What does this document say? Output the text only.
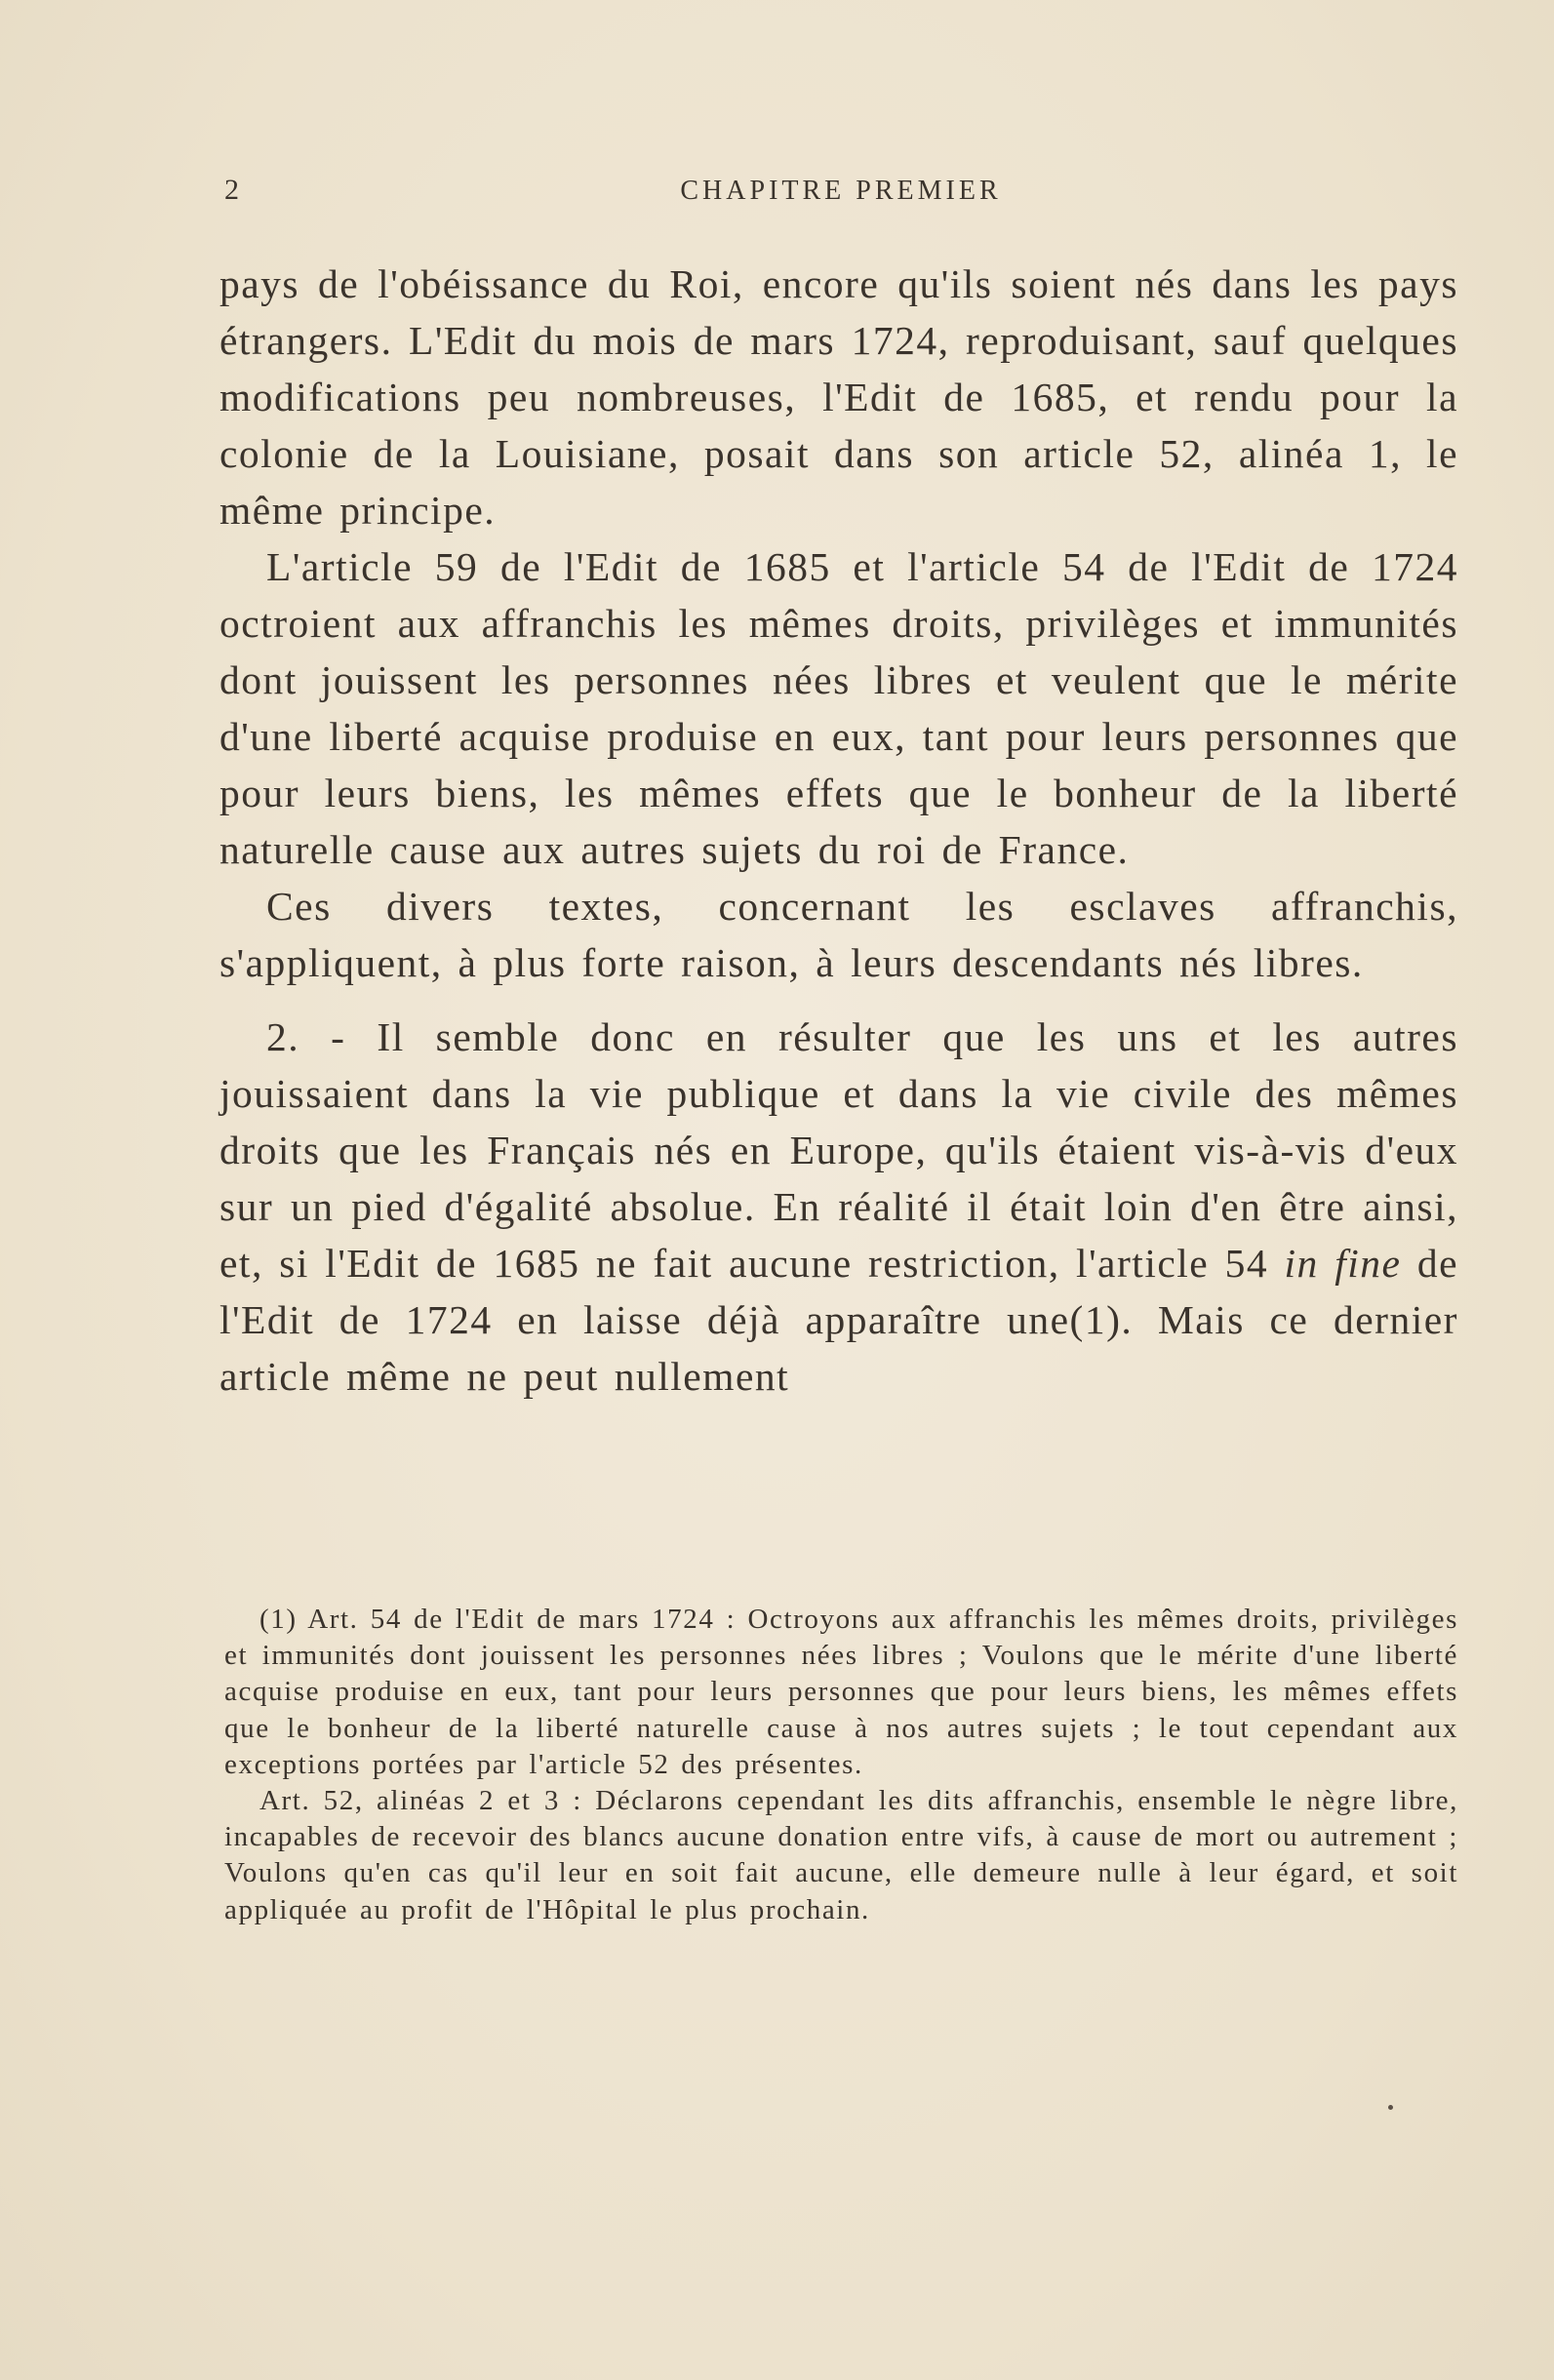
2	CHAPITRE PREMIER

pays de l'obéissance du Roi, encore qu'ils soient nés dans les pays étrangers. L'Edit du mois de mars 1724, reproduisant, sauf quelques modifications peu nombreuses, l'Edit de 1685, et rendu pour la colonie de la Louisiane, posait dans son article 52, alinéa 1, le même principe.

L'article 59 de l'Edit de 1685 et l'article 54 de l'Edit de 1724 octroient aux affranchis les mêmes droits, privilèges et immunités dont jouissent les personnes nées libres et veulent que le mérite d'une liberté acquise produise en eux, tant pour leurs personnes que pour leurs biens, les mêmes effets que le bonheur de la liberté naturelle cause aux autres sujets du roi de France.

Ces divers textes, concernant les esclaves affranchis, s'appliquent, à plus forte raison, à leurs descendants nés libres.

2. - Il semble donc en résulter que les uns et les autres jouissaient dans la vie publique et dans la vie civile des mêmes droits que les Français nés en Europe, qu'ils étaient vis-à-vis d'eux sur un pied d'égalité absolue. En réalité il était loin d'en être ainsi, et, si l'Edit de 1685 ne fait aucune restriction, l'article 54 in fine de l'Edit de 1724 en laisse déjà apparaître une(1). Mais ce dernier article même ne peut nullement

(1) Art. 54 de l'Edit de mars 1724 : Octroyons aux affranchis les mêmes droits, privilèges et immunités dont jouissent les personnes nées libres ; Voulons que le mérite d'une liberté acquise produise en eux, tant pour leurs personnes que pour leurs biens, les mêmes effets que le bonheur de la liberté naturelle cause à nos autres sujets ; le tout cependant aux exceptions portées par l'article 52 des présentes.

Art. 52, alinéas 2 et 3 : Déclarons cependant les dits affranchis, ensemble le nègre libre, incapables de recevoir des blancs aucune donation entre vifs, à cause de mort ou autrement ; Voulons qu'en cas qu'il leur en soit fait aucune, elle demeure nulle à leur égard, et soit appliquée au profit de l'Hôpital le plus prochain.
